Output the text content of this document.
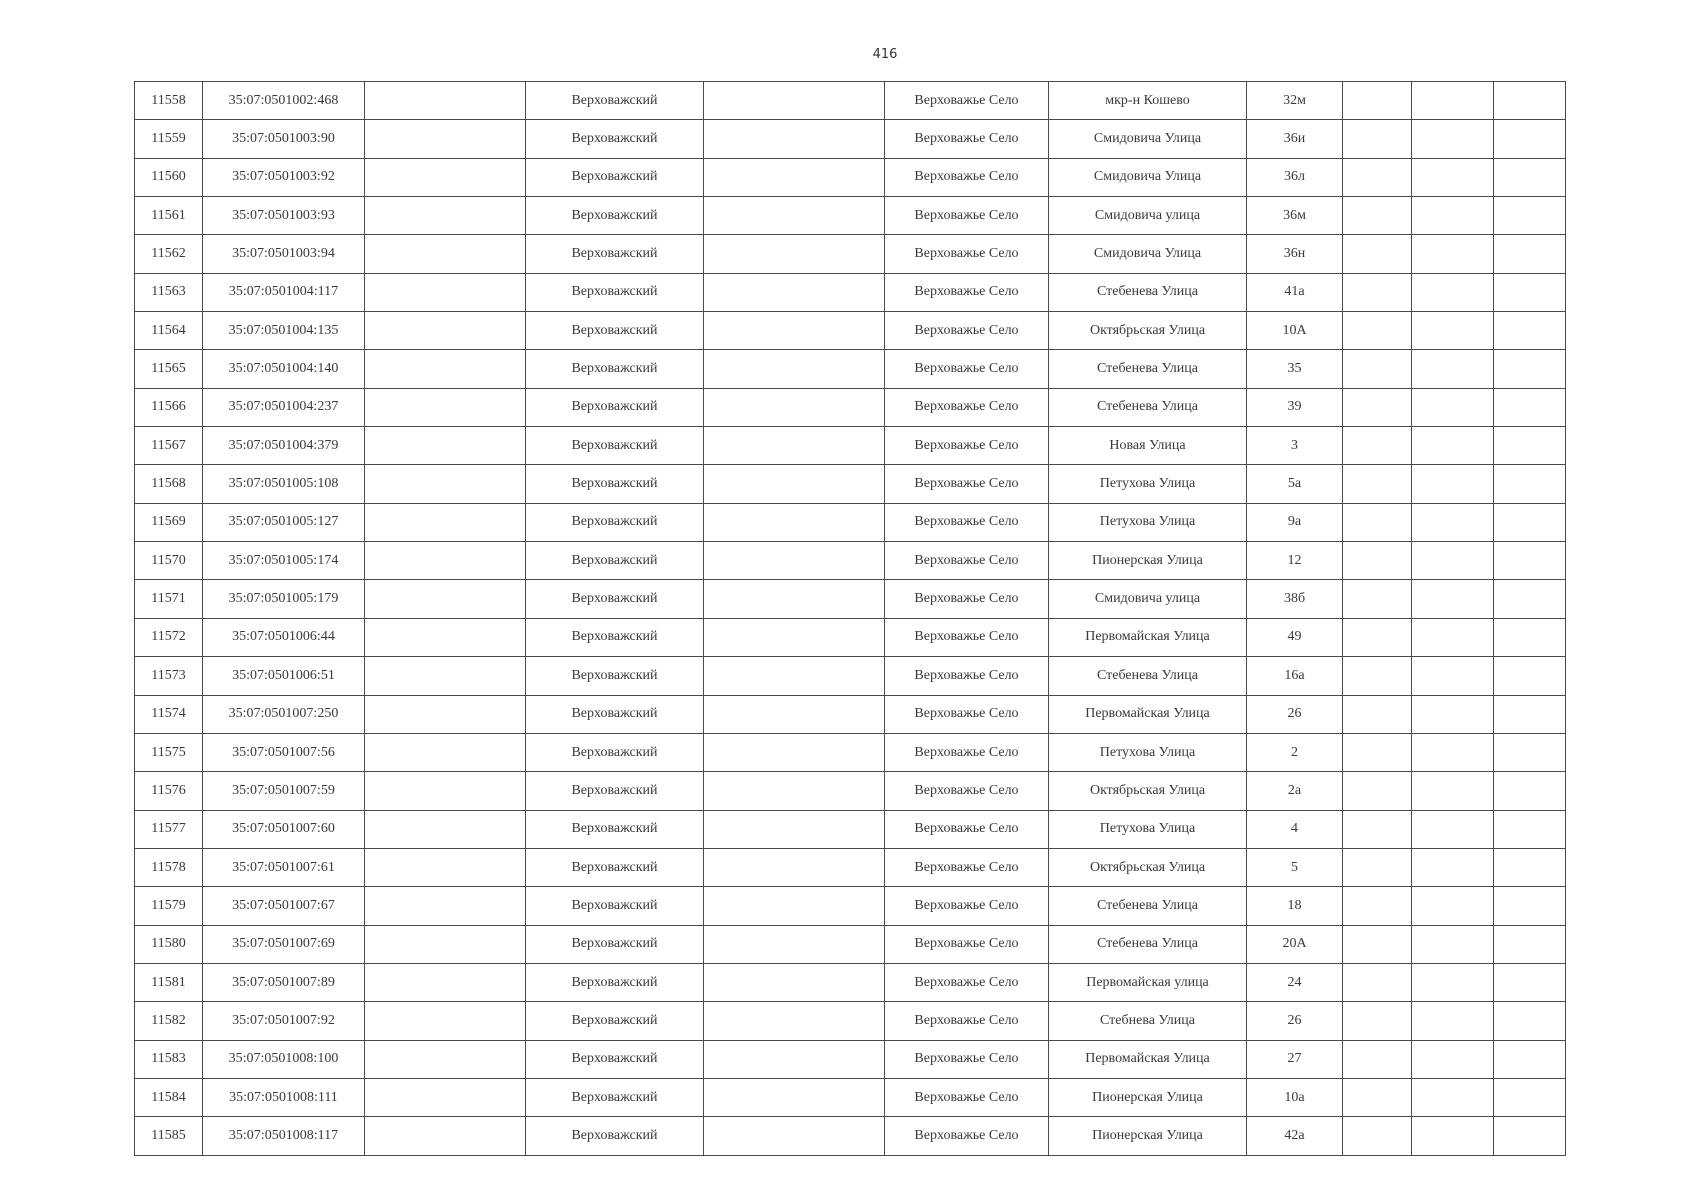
416
11558	35:07:0501002:468		Верховажский		Верховажье Село	мкр-н Кошево	32м			
11559	35:07:0501003:90		Верховажский		Верховажье Село	Смидовича Улица	36и			
11560	35:07:0501003:92		Верховажский		Верховажье Село	Смидовича Улица	36л			
11561	35:07:0501003:93		Верховажский		Верховажье Село	Смидовича улица	36м			
11562	35:07:0501003:94		Верховажский		Верховажье Село	Смидовича Улица	36н			
11563	35:07:0501004:117		Верховажский		Верховажье Село	Стебенева Улица	41а			
11564	35:07:0501004:135		Верховажский		Верховажье Село	Октябрьская Улица	10А			
11565	35:07:0501004:140		Верховажский		Верховажье Село	Стебенева Улица	35			
11566	35:07:0501004:237		Верховажский		Верховажье Село	Стебенева Улица	39			
11567	35:07:0501004:379		Верховажский		Верховажье Село	Новая Улица	3			
11568	35:07:0501005:108		Верховажский		Верховажье Село	Петухова Улица	5а			
11569	35:07:0501005:127		Верховажский		Верховажье Село	Петухова Улица	9а			
11570	35:07:0501005:174		Верховажский		Верховажье Село	Пионерская Улица	12			
11571	35:07:0501005:179		Верховажский		Верховажье Село	Смидовича улица	38б			
11572	35:07:0501006:44		Верховажский		Верховажье Село	Первомайская Улица	49			
11573	35:07:0501006:51		Верховажский		Верховажье Село	Стебенева Улица	16а			
11574	35:07:0501007:250		Верховажский		Верховажье Село	Первомайская Улица	26			
11575	35:07:0501007:56		Верховажский		Верховажье Село	Петухова Улица	2			
11576	35:07:0501007:59		Верховажский		Верховажье Село	Октябрьская Улица	2а			
11577	35:07:0501007:60		Верховажский		Верховажье Село	Петухова Улица	4			
11578	35:07:0501007:61		Верховажский		Верховажье Село	Октябрьская Улица	5			
11579	35:07:0501007:67		Верховажский		Верховажье Село	Стебенева Улица	18			
11580	35:07:0501007:69		Верховажский		Верховажье Село	Стебенева Улица	20А			
11581	35:07:0501007:89		Верховажский		Верховажье Село	Первомайская улица	24			
11582	35:07:0501007:92		Верховажский		Верховажье Село	Стебнева Улица	26			
11583	35:07:0501008:100		Верховажский		Верховажье Село	Первомайская Улица	27			
11584	35:07:0501008:111		Верховажский		Верховажье Село	Пионерская Улица	10а			
11585	35:07:0501008:117		Верховажский		Верховажье Село	Пионерская Улица	42а			
